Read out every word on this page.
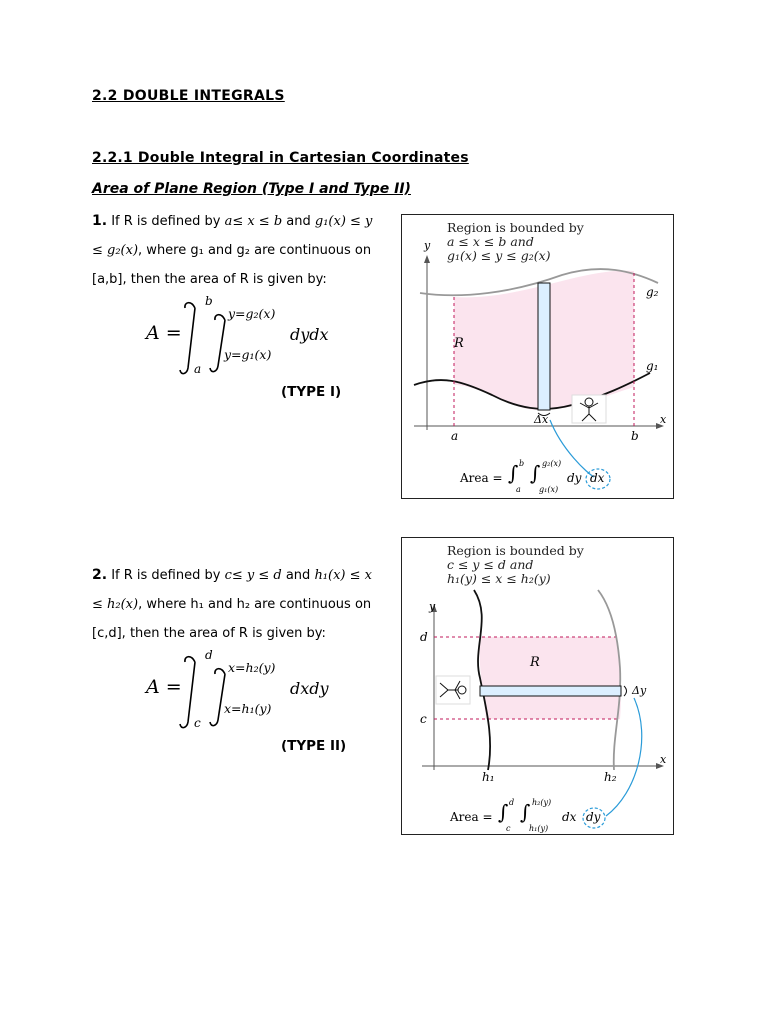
2.2 DOUBLE INTEGRALS
2.2.1 Double Integral in Cartesian Coordinates
Area of Plane Region (Type I and Type II)
1. If R is defined by a≤ x ≤ b and g₁(x) ≤ y ≤ g₂(x), where g₁ and g₂ are continuous on [a,b], then the area of R is given by:
A =
b
a
y=g₂(x)
y=g₁(x)
dydx
(TYPE I)
Region is bounded by
a ≤ x ≤ b and
g₁(x) ≤ y ≤ g₂(x)
R
g₂
g₁
y
x
a	b
Δx
Area = ∫ b
a
∫ g₂(x)
g₁(x)
dy dx
2. If R is defined by c≤ y ≤ d and h₁(x) ≤ x ≤ h₂(x), where h₁ and h₂ are continuous on [c,d], then the area of R is given by:
A =
d
c
x=h₂(y)
x=h₁(y)
dxdy
(TYPE II)
Region is bounded by
c ≤ y ≤ d and
h₁(y) ≤ x ≤ h₂(y)
R
h₁	h₂
y
x
d
c
Δy
Area = ∫ d
c
∫ h₂(y)
h₁(y)
dx dy
